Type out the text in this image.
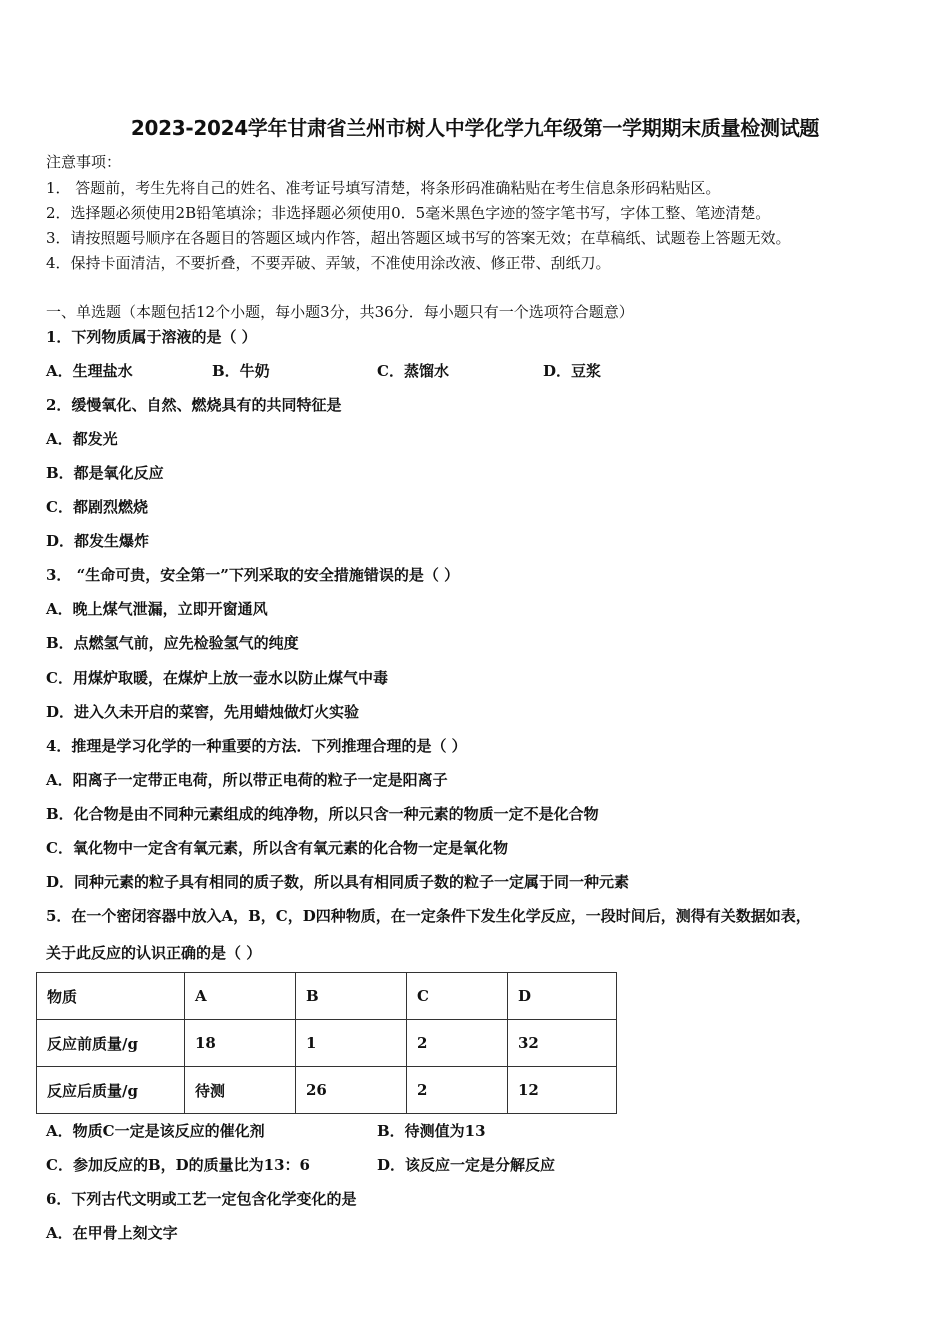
2023-2024学年甘肃省兰州市树人中学化学九年级第一学期期末质量检测试题
注意事项：
1． 答题前，考生先将自己的姓名、准考证号填写清楚，将条形码准确粘贴在考生信息条形码粘贴区。
2．选择题必须使用2B铅笔填涂；非选择题必须使用0．5毫米黑色字迹的签字笔书写，字体工整、笔迹清楚。
3．请按照题号顺序在各题目的答题区域内作答，超出答题区域书写的答案无效；在草稿纸、试题卷上答题无效。
4．保持卡面清洁，不要折叠，不要弄破、弄皱，不准使用涂改液、修正带、刮纸刀。
一、单选题（本题包括12个小题，每小题3分，共36分．每小题只有一个选项符合题意）
1．下列物质属于溶液的是（ ）
A．生理盐水	B．牛奶	C．蒸馏水	D．豆浆
2．缓慢氧化、自然、燃烧具有的共同特征是
A．都发光
B．都是氧化反应
C．都剧烈燃烧
D．都发生爆炸
3． “生命可贵，安全第一”下列采取的安全措施错误的是（ ）
A．晚上煤气泄漏，立即开窗通风
B．点燃氢气前，应先检验氢气的纯度
C．用煤炉取暖，在煤炉上放一壶水以防止煤气中毒
D．进入久未开启的菜窖，先用蜡烛做灯火实验
4．推理是学习化学的一种重要的方法．下列推理合理的是（ ）
A．阳离子一定带正电荷，所以带正电荷的粒子一定是阳离子
B．化合物是由不同种元素组成的纯净物，所以只含一种元素的物质一定不是化合物
C．氧化物中一定含有氧元素，所以含有氧元素的化合物一定是氧化物
D．同种元素的粒子具有相同的质子数，所以具有相同质子数的粒子一定属于同一种元素
5．在一个密闭容器中放入A，B，C，D四种物质，在一定条件下发生化学反应，一段时间后，测得有关数据如表，
关于此反应的认识正确的是（ ）
物质	A	B	C	D
反应前质量/g	18	1	2	32
反应后质量/g	待测	26	2	12
A．物质C一定是该反应的催化剂	B．待测值为13
C．参加反应的B，D的质量比为13：6	D．该反应一定是分解反应
6．下列古代文明或工艺一定包含化学变化的是
A．在甲骨上刻文字
